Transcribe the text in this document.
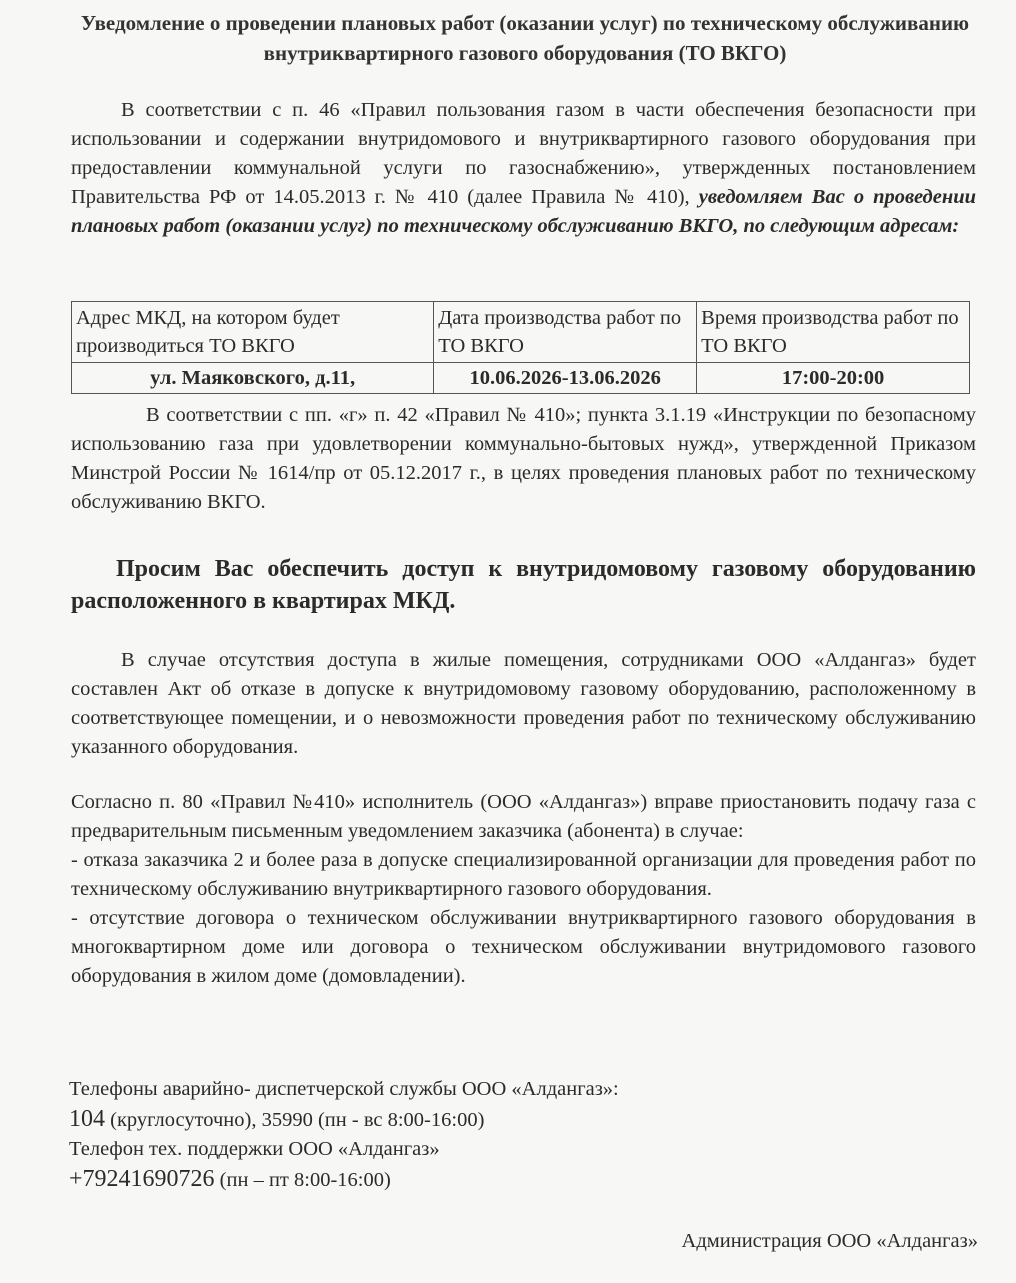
Уведомление о проведении плановых работ (оказании услуг) по техническому обслуживанию внутриквартирного газового оборудования (ТО ВКГО)
В соответствии с п. 46 «Правил пользования газом в части обеспечения безопасности при использовании и содержании внутридомового и внутриквартирного газового оборудования при предоставлении коммунальной услуги по газоснабжению», утвержденных постановлением Правительства РФ от 14.05.2013 г. № 410 (далее Правила № 410), уведомляем Вас о проведении плановых работ (оказании услуг) по техническому обслуживанию ВКГО, по следующим адресам:
Адрес МКД, на котором будет производиться ТО ВКГО	Дата производства работ по ТО ВКГО	Время производства работ по ТО ВКГО
ул. Маяковского, д.11,	10.06.2026-13.06.2026	17:00-20:00
В соответствии с пп. «г» п. 42 «Правил № 410»; пункта 3.1.19 «Инструкции по безопасному использованию газа при удовлетворении коммунально-бытовых нужд», утвержденной Приказом Минстрой России № 1614/пр от 05.12.2017 г., в целях проведения плановых работ по техническому обслуживанию ВКГО.
Просим Вас обеспечить доступ к внутридомовому газовому оборудованию расположенного в квартирах МКД.
В случае отсутствия доступа в жилые помещения, сотрудниками ООО «Алдангаз» будет составлен Акт об отказе в допуске к внутридомовому газовому оборудованию, расположенному в соответствующее помещении, и о невозможности проведения работ по техническому обслуживанию указанного оборудования.
Согласно п. 80 «Правил №410» исполнитель (ООО «Алдангаз») вправе приостановить подачу газа с предварительным письменным уведомлением заказчика (абонента) в случае:
- отказа заказчика 2 и более раза в допуске специализированной организации для проведения работ по техническому обслуживанию внутриквартирного газового оборудования.
- отсутствие договора о техническом обслуживании внутриквартирного газового оборудования в многоквартирном доме или договора о техническом обслуживании внутридомового газового оборудования в жилом доме (домовладении).
Телефоны аварийно- диспетчерской службы ООО «Алдангаз»:
104 (круглосуточно), 35990 (пн - вс 8:00-16:00)
Телефон тех. поддержки ООО «Алдангаз»
+79241690726 (пн – пт 8:00-16:00)
Администрация ООО «Алдангаз»
